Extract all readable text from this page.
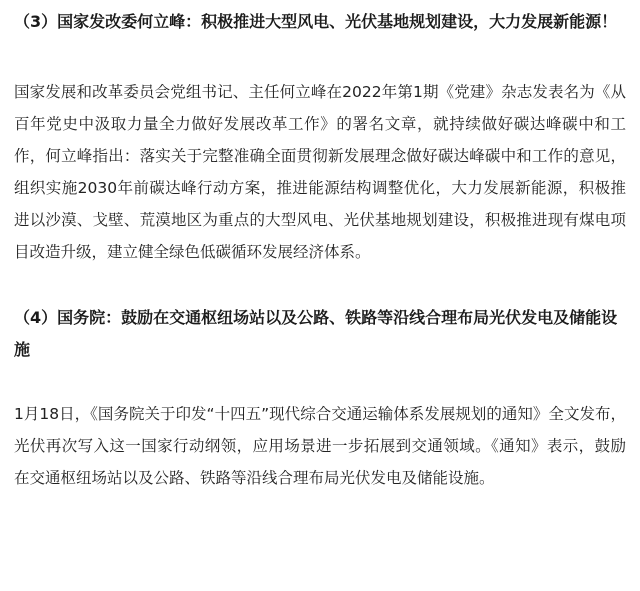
（3）国家发改委何立峰：积极推进大型风电、光伏基地规划建设，大力发展新能源！

国家发展和改革委员会党组书记、主任何立峰在2022年第1期《党建》杂志发表名为《从百年党史中汲取力量全力做好发展改革工作》的署名文章，就持续做好碳达峰碳中和工作，何立峰指出：落实关于完整准确全面贯彻新发展理念做好碳达峰碳中和工作的意见，组织实施2030年前碳达峰行动方案，推进能源结构调整优化，大力发展新能源，积极推进以沙漠、戈壁、荒漠地区为重点的大型风电、光伏基地规划建设，积极推进现有煤电项目改造升级，建立健全绿色低碳循环发展经济体系。

（4）国务院：鼓励在交通枢纽场站以及公路、铁路等沿线合理布局光伏发电及储能设施

1月18日，《国务院关于印发“十四五”现代综合交通运输体系发展规划的通知》全文发布，光伏再次写入这一国家行动纲领，应用场景进一步拓展到交通领域。《通知》表示，鼓励在交通枢纽场站以及公路、铁路等沿线合理布局光伏发电及储能设施。
